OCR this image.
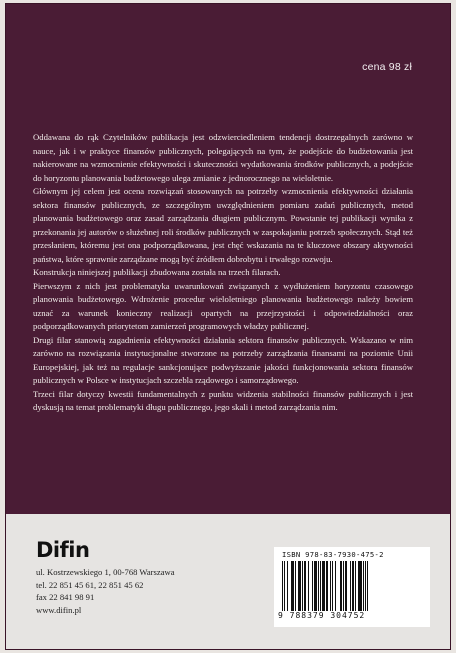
cena 98 zł

Oddawana do rąk Czytelników publikacja jest odzwierciedleniem tendencji dostrzegalnych zarówno w nauce, jak i w praktyce finansów publicznych, polegających na tym, że podejście do budżetowania jest nakierowane na wzmocnienie efektywności i skuteczności wydatkowania środków publicznych, a podejście do horyzontu planowania budżetowego ulega zmianie z jednorocznego na wieloletnie.

Głównym jej celem jest ocena rozwiązań stosowanych na potrzeby wzmocnienia efektywności działania sektora finansów publicznych, ze szczególnym uwzględnieniem pomiaru zadań publicznych, metod planowania budżetowego oraz zasad zarządzania długiem publicznym. Powstanie tej publikacji wynika z przekonania jej autorów o służebnej roli środków publicznych w zaspokajaniu potrzeb społecznych. Stąd też przesłaniem, któremu jest ona podporządkowana, jest chęć wskazania na te kluczowe obszary aktywności państwa, które sprawnie zarządzane mogą być źródłem dobrobytu i trwałego rozwoju.

Konstrukcja niniejszej publikacji zbudowana została na trzech filarach.

Pierwszym z nich jest problematyka uwarunkowań związanych z wydłużeniem horyzontu czasowego planowania budżetowego. Wdrożenie procedur wieloletniego planowania budżetowego należy bowiem uznać za warunek konieczny realizacji opartych na przejrzystości i odpowiedzialności oraz podporządkowanych priorytetom zamierzeń programowych władzy publicznej.

Drugi filar stanowią zagadnienia efektywności działania sektora finansów publicznych. Wskazano w nim zarówno na rozwiązania instytucjonalne stworzone na potrzeby zarządzania finansami na poziomie Unii Europejskiej, jak też na regulacje sankcjonujące podwyższanie jakości funkcjonowania sektora finansów publicznych w Polsce w instytucjach szczebla rządowego i samorządowego.

Trzeci filar dotyczy kwestii fundamentalnych z punktu widzenia stabilności finansów publicznych i jest dyskusją na temat problematyki długu publicznego, jego skali i metod zarządzania nim.

Difin
ul. Kostrzewskiego 1, 00-768 Warszawa
tel. 22 851 45 61, 22 851 45 62
fax 22 841 98 91
www.difin.pl
ISBN 978-83-7930-475-2
9 788379 304752
